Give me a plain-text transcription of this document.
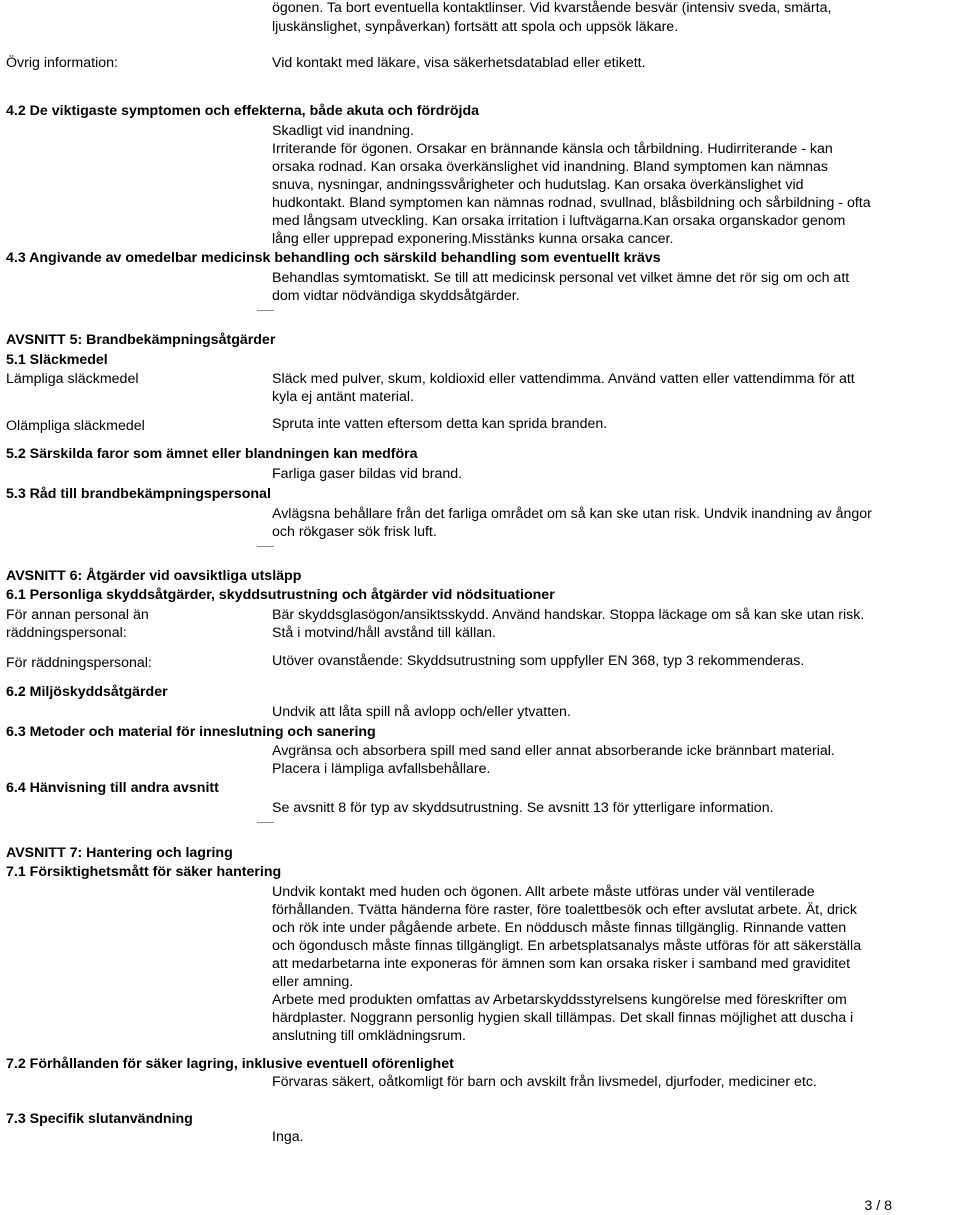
ögonen. Ta bort eventuella kontaktlinser. Vid kvarstående besvär (intensiv sveda, smärta,
ljuskänslighet, synpåverkan) fortsätt att spola och uppsök läkare.
Övrig information:	Vid kontakt med läkare, visa säkerhetsdatablad eller etikett.
4.2 De viktigaste symptomen och effekterna, både akuta och fördröjda
Skadligt vid inandning.
Irriterande för ögonen. Orsakar en brännande känsla och tårbildning. Hudirriterande - kan
orsaka rodnad. Kan orsaka överkänslighet vid inandning. Bland symptomen kan nämnas
snuva, nysningar, andningssvårigheter och hudutslag. Kan orsaka överkänslighet vid
hudkontakt. Bland symptomen kan nämnas rodnad, svullnad, blåsbildning och sårbildning - ofta
med långsam utveckling. Kan orsaka irritation i luftvägarna.Kan orsaka organskador genom
lång eller upprepad exponering.Misstänks kunna orsaka cancer.
4.3 Angivande av omedelbar medicinsk behandling och särskild behandling som eventuellt krävs
Behandlas symtomatiskt. Se till att medicinsk personal vet vilket ämne det rör sig om och att
dom vidtar nödvändiga skyddsåtgärder.
AVSNITT 5: Brandbekämpningsåtgärder
5.1 Släckmedel
Lämpliga släckmedel	Släck med pulver, skum, koldioxid eller vattendimma. Använd vatten eller vattendimma för att
kyla ej antänt material.
Olämpliga släckmedel	Spruta inte vatten eftersom detta kan sprida branden.
5.2 Särskilda faror som ämnet eller blandningen kan medföra
Farliga gaser bildas vid brand.
5.3 Råd till brandbekämpningspersonal
Avlägsna behållare från det farliga området om så kan ske utan risk. Undvik inandning av ångor
och rökgaser sök frisk luft.
AVSNITT 6: Åtgärder vid oavsiktliga utsläpp
6.1 Personliga skyddsåtgärder, skyddsutrustning och åtgärder vid nödsituationer
För annan personal än
räddningspersonal:
Bär skyddsglasögon/ansiktsskydd. Använd handskar. Stoppa läckage om så kan ske utan risk.
Stå i motvind/håll avstånd till källan.
För räddningspersonal:	Utöver ovanstående: Skyddsutrustning som uppfyller EN 368, typ 3 rekommenderas.
6.2 Miljöskyddsåtgärder
Undvik att låta spill nå avlopp och/eller ytvatten.
6.3 Metoder och material för inneslutning och sanering
Avgränsa och absorbera spill med sand eller annat absorberande icke brännbart material.
Placera i lämpliga avfallsbehållare.
6.4 Hänvisning till andra avsnitt
Se avsnitt 8 för typ av skyddsutrustning. Se avsnitt 13 för ytterligare information.
AVSNITT 7: Hantering och lagring
7.1 Försiktighetsmått för säker hantering
Undvik kontakt med huden och ögonen. Allt arbete måste utföras under väl ventilerade
förhållanden. Tvätta händerna före raster, före toalettbesök och efter avslutat arbete. Ät, drick
och rök inte under pågående arbete. En nöddusch måste finnas tillgänglig. Rinnande vatten
och ögondusch måste finnas tillgängligt. En arbetsplatsanalys måste utföras för att säkerställa
att medarbetarna inte exponeras för ämnen som kan orsaka risker i samband med graviditet
eller amning.
Arbete med produkten omfattas av Arbetarskyddsstyrelsens kungörelse med föreskrifter om
härdplaster. Noggrann personlig hygien skall tillämpas. Det skall finnas möjlighet att duscha i
anslutning till omklädningsrum.
7.2 Förhållanden för säker lagring, inklusive eventuell oförenlighet
Förvaras säkert, oåtkomligt för barn och avskilt från livsmedel, djurfoder, mediciner etc.
7.3 Specifik slutanvändning
Inga.
3 / 8
